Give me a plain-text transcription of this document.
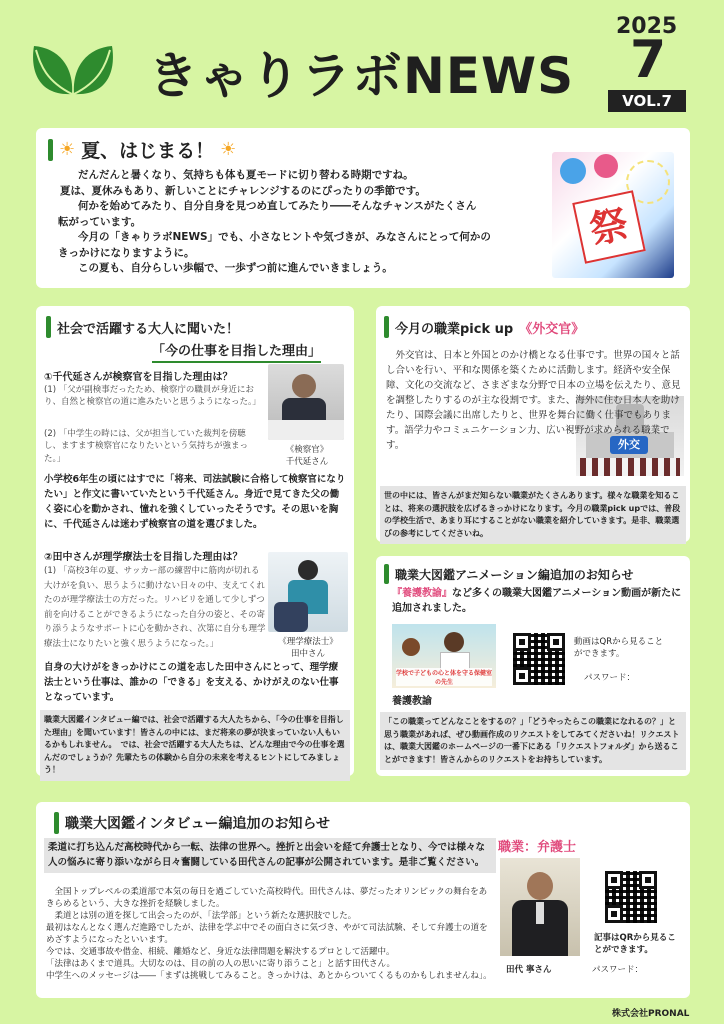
きゃりラボNEWS
2025
7
VOL.7
☀ 夏、はじまる！ ☀
だんだんと暑くなり、気持ちも体も夏モードに切り替わる時期ですね。
夏は、夏休みもあり、新しいことにチャレンジするのにぴったりの季節です。
何かを始めてみたり、自分自身を見つめ直してみたり――そんなチャンスがたくさん
転がっています。
今月の「きゃりラボNEWS」でも、小さなヒントや気づきが、みなさんにとって何かの
きっかけになりますように。
この夏も、自分らしい歩幅で、一歩ずつ前に進んでいきましょう。
祭
社会で活躍する大人に聞いた！
「今の仕事を目指した理由」
①千代延さんが検察官を目指した理由は？
(1) 「父が副検事だったため、検察庁の職員が身近におり、自然と検察官の道に進みたいと思うようになった。」
(2) 「中学生の時には、父が担当していた裁判を傍聴し、ますます検察官になりたいという気持ちが強まった。」
《検察官》
千代延さん
小学校6年生の頃にはすでに「将来、司法試験に合格して検察官になりたい」と作文に書いていたという千代延さん。身近で見てきた父の働く姿に心を動かされ、憧れを強くしていったそうです。その思いを胸に、千代延さんは迷わず検察官の道を選びました。
②田中さんが理学療法士を目指した理由は？
(1) 「高校3年の夏、サッカー部の練習中に筋肉が切れる大けがを負い、思うように動けない日々の中、支えてくれたのが理学療法士の方だった。リハビリを通して少しずつ前を向けることができるようになった自分の姿と、その寄り添うようなサポートに心を動かされ、次第に自分も理学療法士になりたいと強く思うようになった。」	《理学療法士》
田中さん
自身の大けがをきっかけにこの道を志した田中さんにとって、理学療法士という仕事は、誰かの「できる」を支える、かけがえのない仕事となっています。
職業大図鑑インタビュー編では、社会で活躍する大人たちから、「今の仕事を目指した理由」を聞いています！皆さんの中には、まだ将来の夢が決まっていない人もいるかもしれません。　では、社会で活躍する大人たちは、どんな理由で今の仕事を選んだのでしょうか？先輩たちの体験から自分の未来を考えるヒントにしてみましょう！
今月の職業pick up 《外交官》
外交
外交官は、日本と外国とのかけ橋となる仕事です。世界の国々と話し合いを行い、平和な関係を築くために活動します。経済や安全保障、文化の交流など、さまざまな分野で日本の立場を伝えたり、意見を調整したりするのが主な役割です。また、海外に住む日本人を助けたり、国際会議に出席したりと、世界を舞台に働く仕事でもあります。語学力やコミュニケーション力、広い視野が求められる職業です。
世の中には、皆さんがまだ知らない職業がたくさんあります。様々な職業を知ることは、将来の選択肢を広げるきっかけになります。今月の職業pick upでは、普段の学校生活で、あまり耳にすることがない職業を紹介していきます。是非、職業選びの参考にしてくださいね。
職業大図鑑アニメーション編追加のお知らせ
『養護教諭』など多くの職業大図鑑アニメーション動画が新たに追加されました。
学校で子どもの心と体を守る保健室の先生
養護教諭
動画はQRから見ることができます。
パスワード：
「この職業ってどんなことをするの？」「どうやったらこの職業になれるの？」と思う職業があれば、ぜひ動画作成のリクエストをしてみてくださいね！リクエストは、職業大図鑑のホームページの一番下にある「リクエストフォルダ」から送ることができます！皆さんからのリクエストをお持ちしています。
職業大図鑑インタビュー編追加のお知らせ
柔道に打ち込んだ高校時代から一転、法律の世界へ。挫折と出会いを経て弁護士となり、今では様々な人の悩みに寄り添いながら日々奮闘している田代さんの記事が公開されています。是非ご覧ください。
全国トップレベルの柔道部で本気の毎日を過ごしていた高校時代。田代さんは、夢だったオリンピックの舞台をあきらめるという、大きな挫折を経験しました。
柔道とは別の道を探して出会ったのが、「法学部」という新たな選択肢でした。
最初はなんとなく選んだ進路でしたが、法律を学ぶ中でその面白さに気づき、やがて司法試験、そして弁護士の道をめざすようになったといいます。
今では、交通事故や借金、相続、離婚など、身近な法律問題を解決するプロとして活躍中。
「法律はあくまで道具。大切なのは、目の前の人の思いに寄り添うこと」と話す田代さん。
中学生へのメッセージは――「まずは挑戦してみること。きっかけは、あとからついてくるものかもしれませんね」。
職業：弁護士
田代 寧さん
記事はQRから見ることができます。
パスワード：
株式会社PRONAL
